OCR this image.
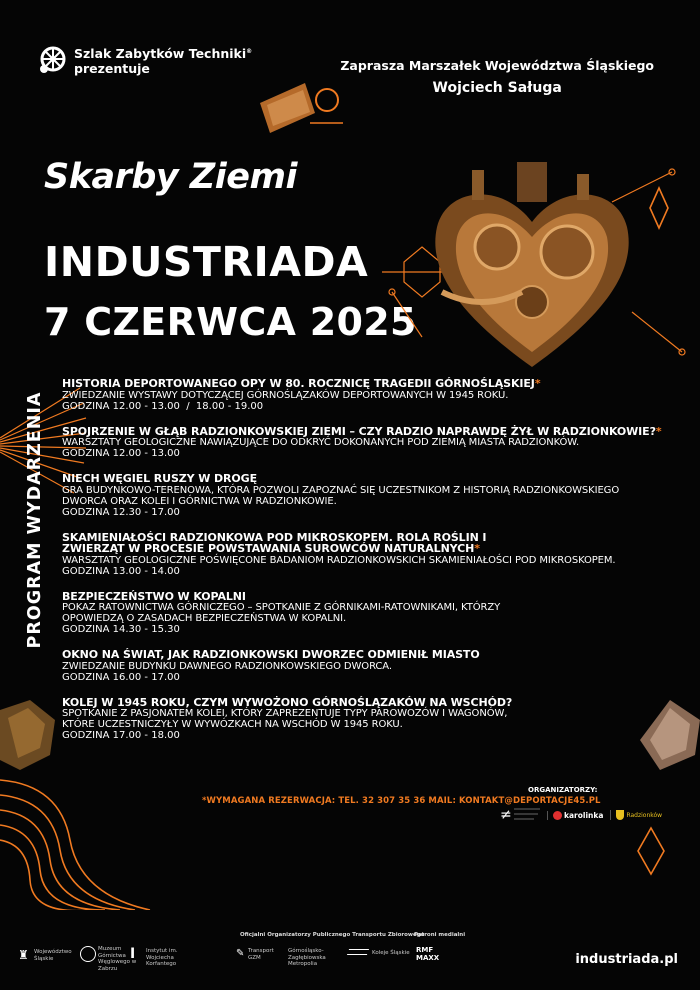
Szlak Zabytków Techniki®
prezentuje	Zaprasza Marszałek Województwa Śląskiego
Wojciech Saługa
Skarby Ziemi
INDUSTRIADA
7 CZERWCA 2025
PROGRAM WYDARZENIA
HISTORIA DEPORTOWANEGO OPY W 80. ROCZNICĘ TRAGEDII GÓRNOŚLĄSKIEJ*
ZWIEDZANIE WYSTAWY DOTYCZĄCEJ GÓRNOŚLĄZAKÓW DEPORTOWANYCH W 1945 ROKU.
GODZINA 12.00 - 13.00  /  18.00 - 19.00
SPOJRZENIE W GŁĄB RADZIONKOWSKIEJ ZIEMI – CZY RADZIO NAPRAWDĘ ŻYŁ W RADZIONKOWIE?*
WARSZTATY GEOLOGICZNE NAWIĄZUJĄCE DO ODKRYĆ DOKONANYCH POD ZIEMIĄ MIASTA RADZIONKÓW.
GODZINA 12.00 - 13.00
NIECH WĘGIEL RUSZY W DROGĘ
GRA BUDYNKOWO-TERENOWA, KTÓRA POZWOLI ZAPOZNAĆ SIĘ UCZESTNIKOM Z HISTORIĄ RADZIONKOWSKIEGO DWORCA ORAZ KOLEI I GÓRNICTWA W RADZIONKOWIE.
GODZINA 12.30 - 17.00
SKAMIENIAŁOŚCI RADZIONKOWA POD MIKROSKOPEM. ROLA ROŚLIN I ZWIERZĄT W PROCESIE POWSTAWANIA SUROWCÓW NATURALNYCH*
WARSZTATY GEOLOGICZNE POŚWIĘCONE BADANIOM RADZIONKOWSKICH SKAMIENIAŁOŚCI POD MIKROSKOPEM.
GODZINA 13.00 - 14.00
BEZPIECZEŃSTWO W KOPALNI
POKAZ RATOWNICTWA GÓRNICZEGO – SPOTKANIE Z GÓRNIKAMI-RATOWNIKAMI, KTÓRZY OPOWIEDZĄ O ZASADACH BEZPIECZEŃSTWA W KOPALNI.
GODZINA 14.30 - 15.30
OKNO NA ŚWIAT, JAK RADZIONKOWSKI DWORZEC ODMIENIŁ MIASTO
ZWIEDZANIE BUDYNKU DAWNEGO RADZIONKOWSKIEGO DWORCA.
GODZINA 16.00 - 17.00
KOLEJ W 1945 ROKU, CZYM WYWOŻONO GÓRNOŚLĄZAKÓW NA WSCHÓD?
SPOTKANIE Z PASJONATEM KOLEI, KTÓRY ZAPREZENTUJE TYPY PAROWOZÓW I WAGONÓW, KTÓRE UCZESTNICZYŁY W WYWÓZKACH NA WSCHÓD W 1945 ROKU.
GODZINA 17.00 - 18.00
*WYMAGANA REZERWACJA: TEL. 32 307 35 36 MAIL: KONTAKT@DEPORTACJE45.PL
ORGANIZATORZY:
≠	karolinka	Radzionków
Oficjalni Organizatorzy Publicznego Transportu Zbiorowego
Patroni medialni
♜ Województwo Śląskie
Muzeum Górnictwa Węglowego w Zabrzu
I Instytut im. Wojciecha Korfantego
✎ Transport GZM
Górnośląsko-Zagłębiowska Metropolia
Koleje Śląskie RMF MAXX	industriada.pl
